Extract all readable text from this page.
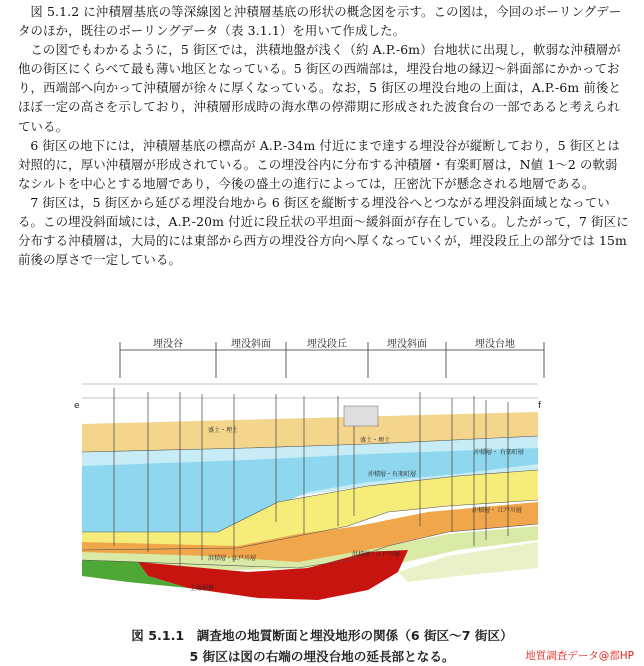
図 5.1.2 に沖積層基底の等深線図と沖積層基底の形状の概念図を示す。この図は，今回のボーリングデータのほか，既往のボーリングデータ（表 3.1.1）を用いて作成した。

この図でもわかるように，5 街区では，洪積地盤が浅く（約 A.P.-6m）台地状に出現し，軟弱な沖積層が他の街区にくらべて最も薄い地区となっている。5 街区の西端部は，埋没台地の縁辺～斜面部にかかっており，西端部へ向かって沖積層が徐々に厚くなっている。なお，5 街区の埋没台地の上面は，A.P.-6m 前後とほぼ一定の高さを示しており，沖積層形成時の海水準の停滞期に形成された波食台の一部であると考えられている。

6 街区の地下には，沖積層基底の標高が A.P.-34m 付近にまで達する埋没谷が縦断しており，5 街区とは対照的に，厚い沖積層が形成されている。この埋没谷内に分布する沖積層・有楽町層は，N値 1～2 の軟弱なシルトを中心とする地層であり，今後の盛土の進行によっては，圧密沈下が懸念される地層である。

7 街区は，5 街区から延びる埋没台地から 6 街区を縦断する埋没谷へとつながる埋没斜面域となっている。この埋没斜面域には，A.P.-20m 付近に段丘状の平坦面～緩斜面が存在している。したがって，7 街区に分布する沖積層は，大局的には東部から西方の埋没谷方向へ厚くなっていくが，埋没段丘上の部分では 15m 前後の厚さで一定している。

埋没谷	埋没斜面	埋没段丘	埋没斜面	埋没台地
e	f
盛土・埋土
盛土・埋土
沖積層・有楽町層
沖積層・ 有楽町層
沖積層・ 江戸川層
洪積層・江戸川層
洪積層・江戸川層
上総層群
図 5.1.1　調査地の地質断面と埋没地形の関係（6 街区～7 街区）
5 街区は図の右端の埋没台地の延長部となる。	地質調査データ@都HP
